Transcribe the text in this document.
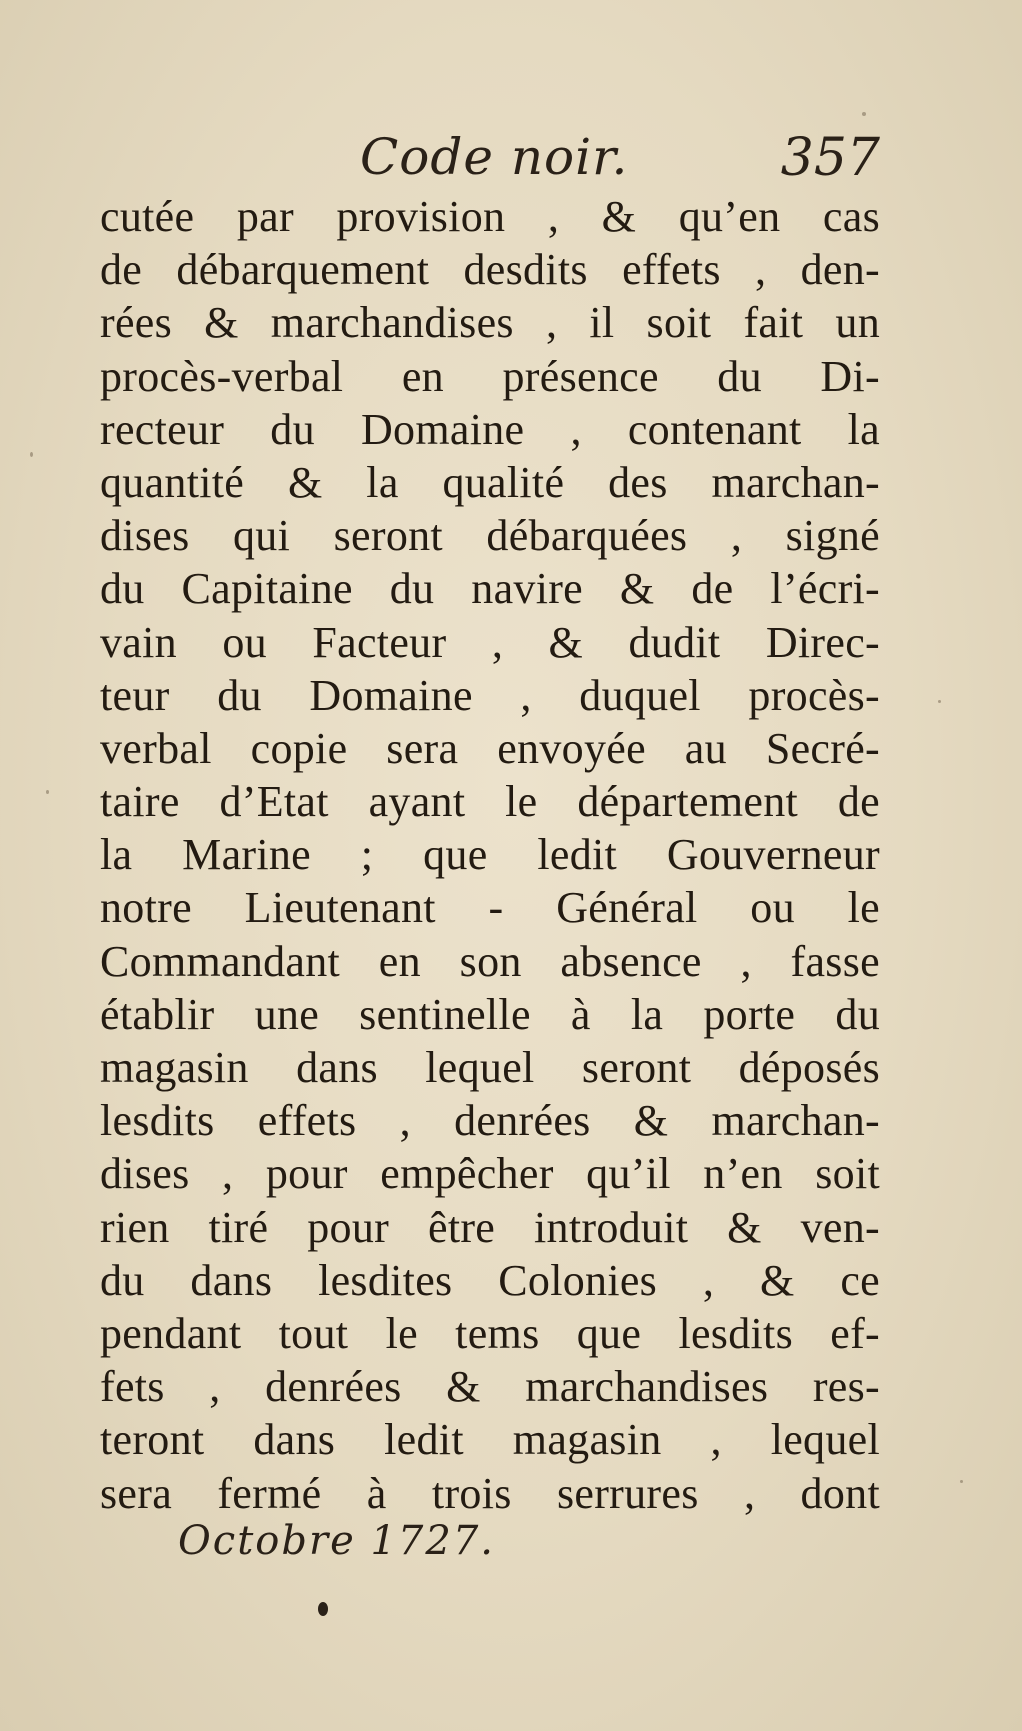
Code noir.	357
cutée par provision , & qu’en cas
de débarquement desdits effets , den-
rées & marchandises , il soit fait un
procès-verbal en présence du Di-
recteur du Domaine , contenant la
quantité & la qualité des marchan-
dises qui seront débarquées , signé
du Capitaine du navire & de l’écri-
vain ou Facteur , & dudit Direc-
teur du Domaine , duquel procès-
verbal copie sera envoyée au Secré-
taire d’Etat ayant le département de
la Marine ; que ledit Gouverneur
notre Lieutenant - Général ou le
Commandant en son absence , fasse
établir une sentinelle à la porte du
magasin dans lequel seront déposés
lesdits effets , denrées & marchan-
dises , pour empêcher qu’il n’en soit
rien tiré pour être introduit & ven-
du dans lesdites Colonies , & ce
pendant tout le tems que lesdits ef-
fets , denrées & marchandises res-
teront dans ledit magasin , lequel
sera fermé à trois serrures , dont
Octobre 1727.
